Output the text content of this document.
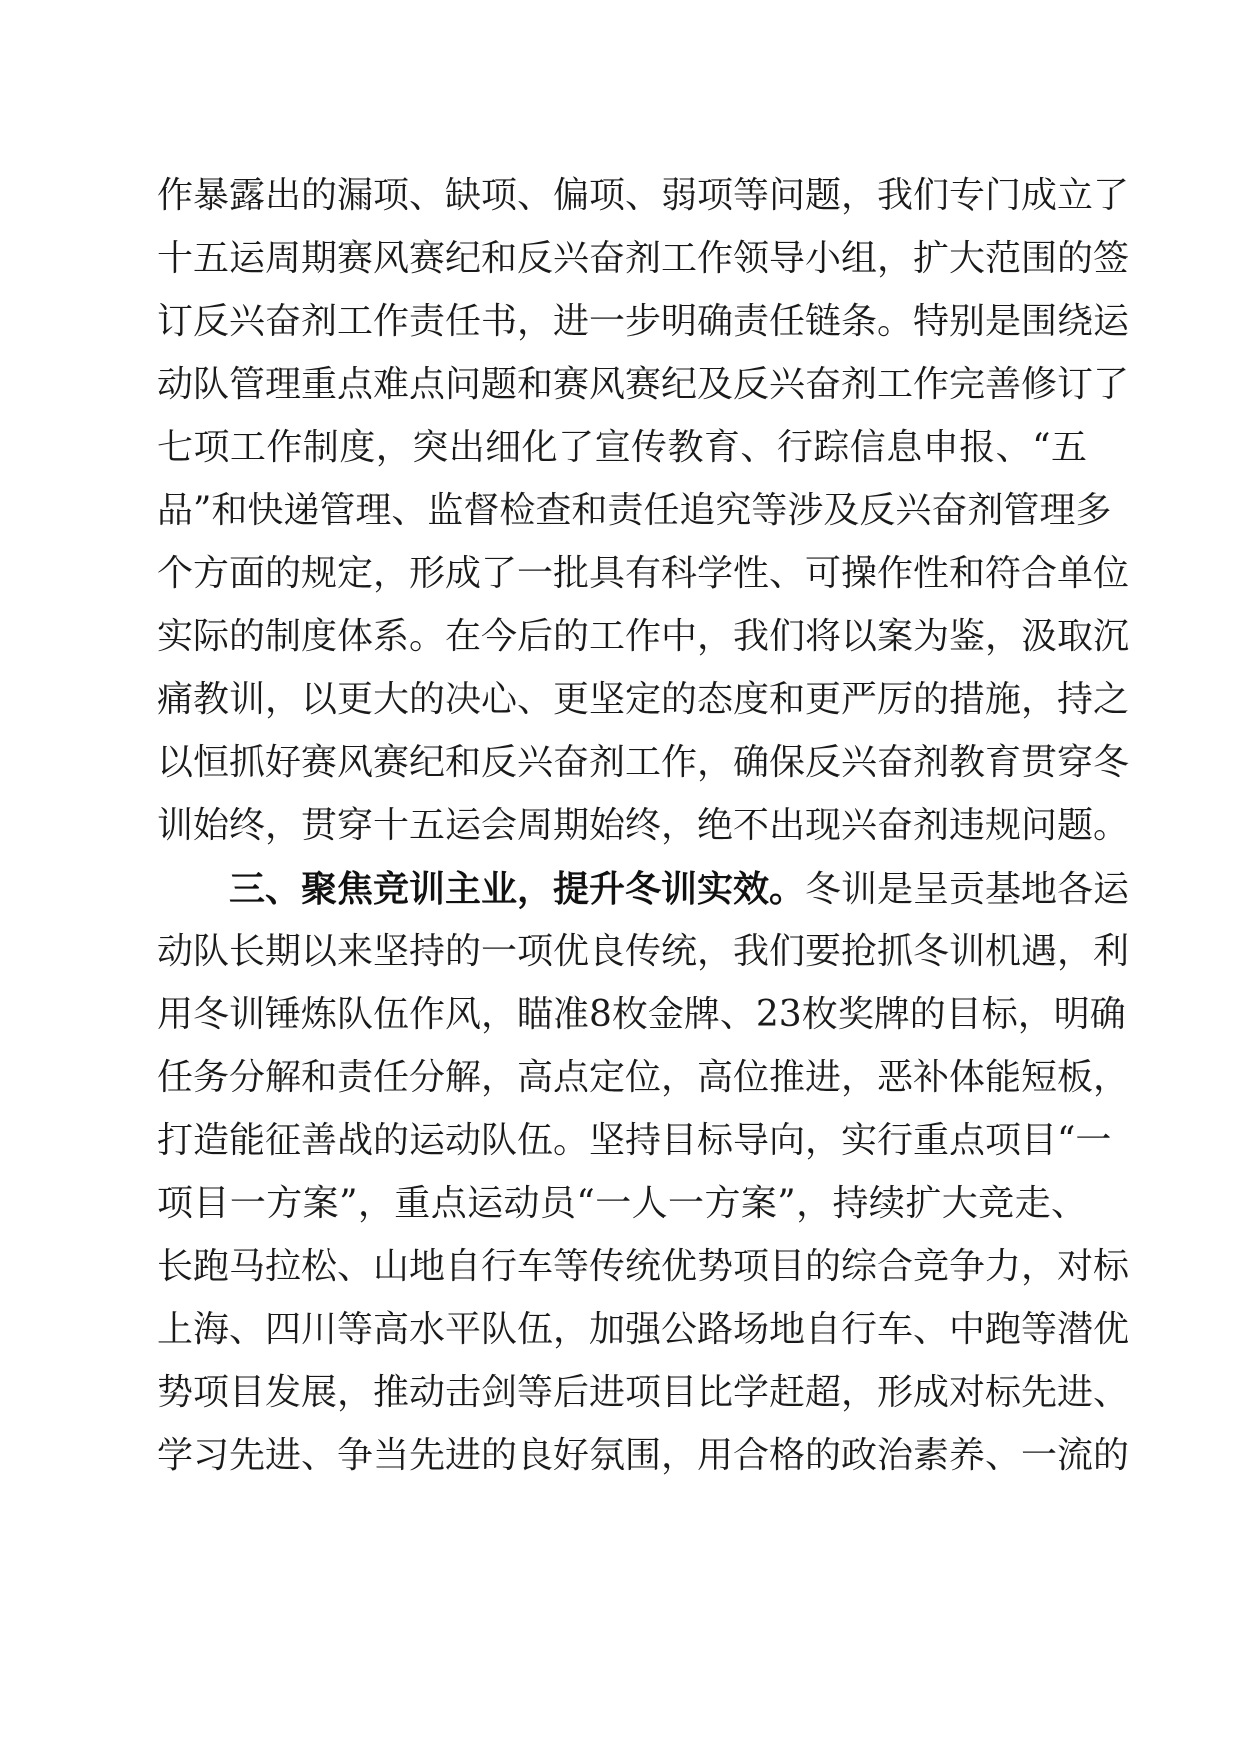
作暴露出的漏项、缺项、偏项、弱项等问题，我们专门成立了
十五运周期赛风赛纪和反兴奋剂工作领导小组，扩大范围的签
订反兴奋剂工作责任书，进一步明确责任链条。特别是围绕运
动队管理重点难点问题和赛风赛纪及反兴奋剂工作完善修订了
七项工作制度，突出细化了宣传教育、行踪信息申报、“五
品”和快递管理、监督检查和责任追究等涉及反兴奋剂管理多
个方面的规定，形成了一批具有科学性、可操作性和符合单位
实际的制度体系。在今后的工作中，我们将以案为鉴，汲取沉
痛教训，以更大的决心、更坚定的态度和更严厉的措施，持之
以恒抓好赛风赛纪和反兴奋剂工作，确保反兴奋剂教育贯穿冬
训始终，贯穿十五运会周期始终，绝不出现兴奋剂违规问题。
三、聚焦竞训主业，提升冬训实效。冬训是呈贡基地各运
动队长期以来坚持的一项优良传统，我们要抢抓冬训机遇，利
用冬训锤炼队伍作风，瞄准8枚金牌、23枚奖牌的目标，明确
任务分解和责任分解，高点定位，高位推进，恶补体能短板，
打造能征善战的运动队伍。坚持目标导向，实行重点项目“一
项目一方案”，重点运动员“一人一方案”，持续扩大竞走、
长跑马拉松、山地自行车等传统优势项目的综合竞争力，对标
上海、四川等高水平队伍，加强公路场地自行车、中跑等潜优
势项目发展，推动击剑等后进项目比学赶超，形成对标先进、
学习先进、争当先进的良好氛围，用合格的政治素养、一流的
